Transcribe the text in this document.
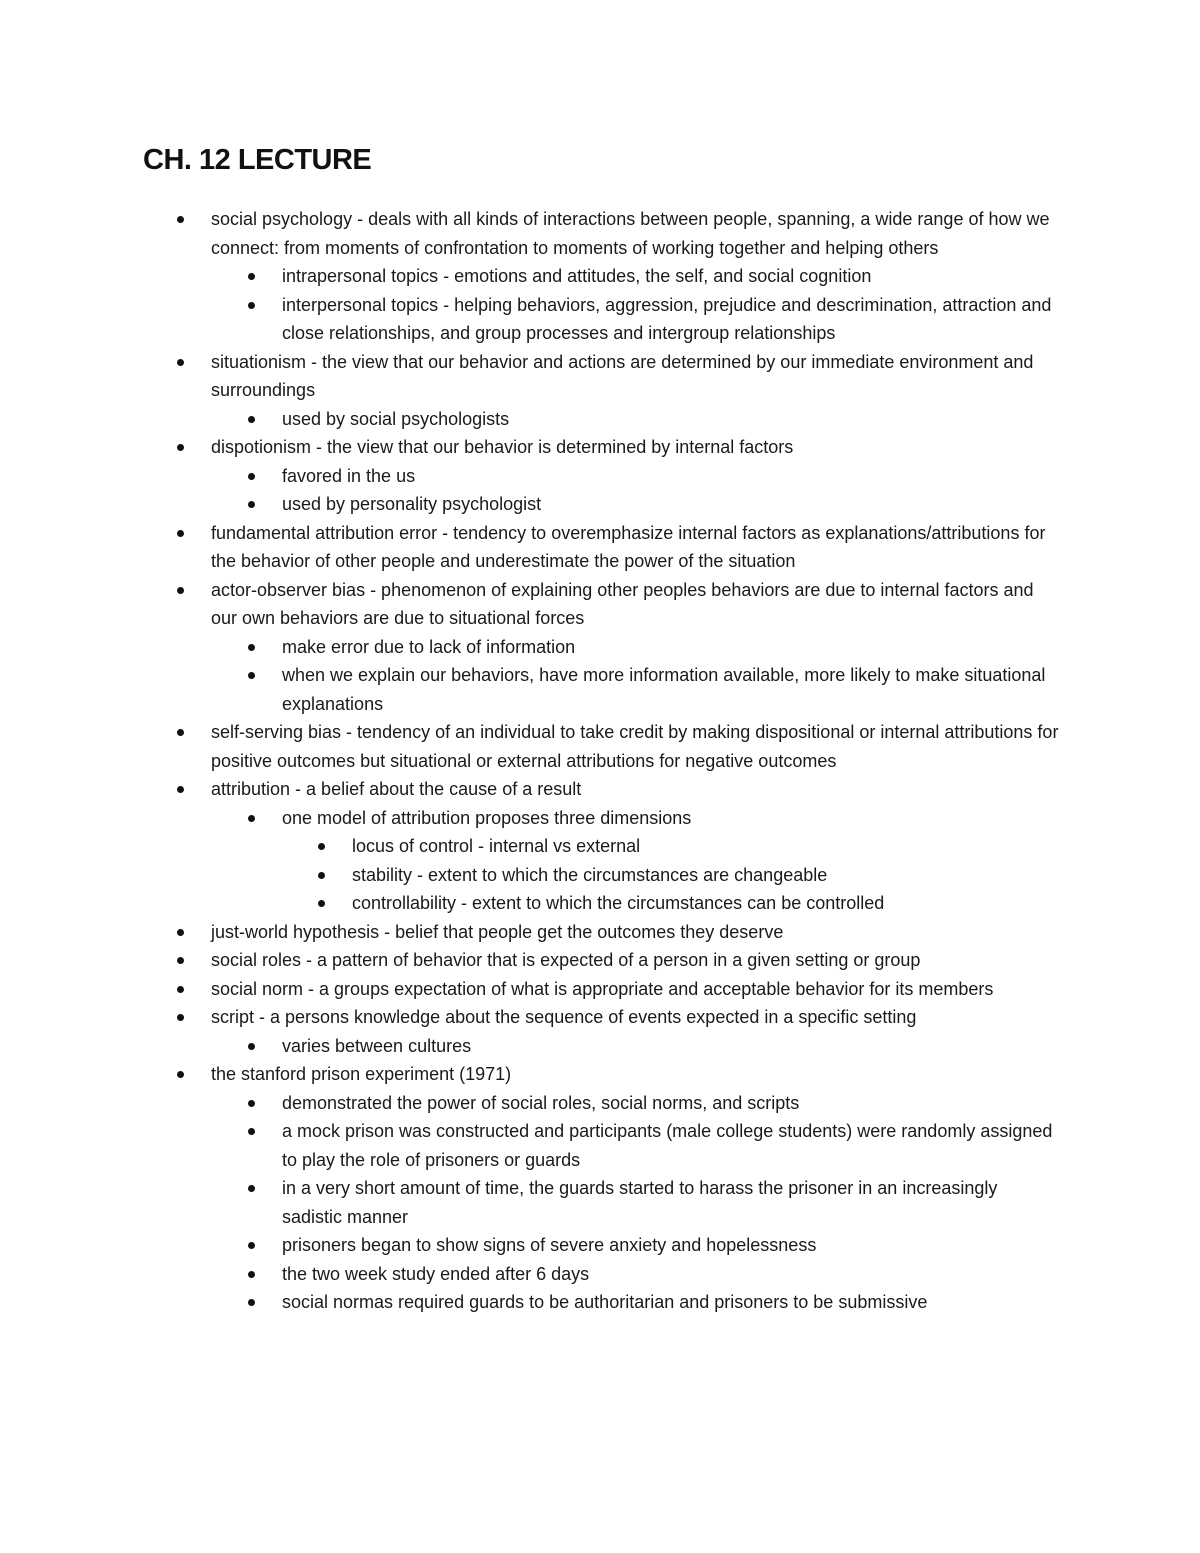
CH. 12 LECTURE
social psychology - deals with all kinds of interactions between people, spanning, a wide range of how we connect: from moments of confrontation to moments of working together and helping others
intrapersonal topics - emotions and attitudes, the self, and social cognition
interpersonal topics - helping behaviors, aggression, prejudice and descrimination, attraction and close relationships, and group processes and intergroup relationships
situationism - the view that our behavior and actions are determined by our immediate environment and surroundings
used by social psychologists
dispotionism - the view that our behavior is determined by internal factors
favored in the us
used by personality psychologist
fundamental attribution error - tendency to overemphasize internal factors as explanations/attributions for the behavior of other people and underestimate the power of the situation
actor-observer bias - phenomenon of explaining other peoples behaviors are due to internal factors and our own behaviors are due to situational forces
make error due to lack of information
when we explain our behaviors, have more information available, more likely to make situational explanations
self-serving bias - tendency of an individual to take credit by making dispositional or internal attributions for positive outcomes but situational or external attributions for negative outcomes
attribution - a belief about the cause of a result
one model of attribution proposes three dimensions
locus of control - internal vs external
stability - extent to which the circumstances are changeable
controllability - extent to which the circumstances can be controlled
just-world hypothesis - belief that people get the outcomes they deserve
social roles - a pattern of behavior that is expected of a person in a given setting or group
social norm - a groups expectation of what is appropriate and acceptable behavior for its members
script - a persons knowledge about the sequence of events expected in a specific setting
varies between cultures
the stanford prison experiment (1971)
demonstrated the power of social roles, social norms, and scripts
a mock prison was constructed and participants (male college students) were randomly assigned to play the role of prisoners or guards
in a very short amount of time, the guards started to harass the prisoner in an increasingly sadistic manner
prisoners began to show signs of severe anxiety and hopelessness
the two week study ended after 6 days
social normas required guards to be authoritarian and prisoners to be submissive
